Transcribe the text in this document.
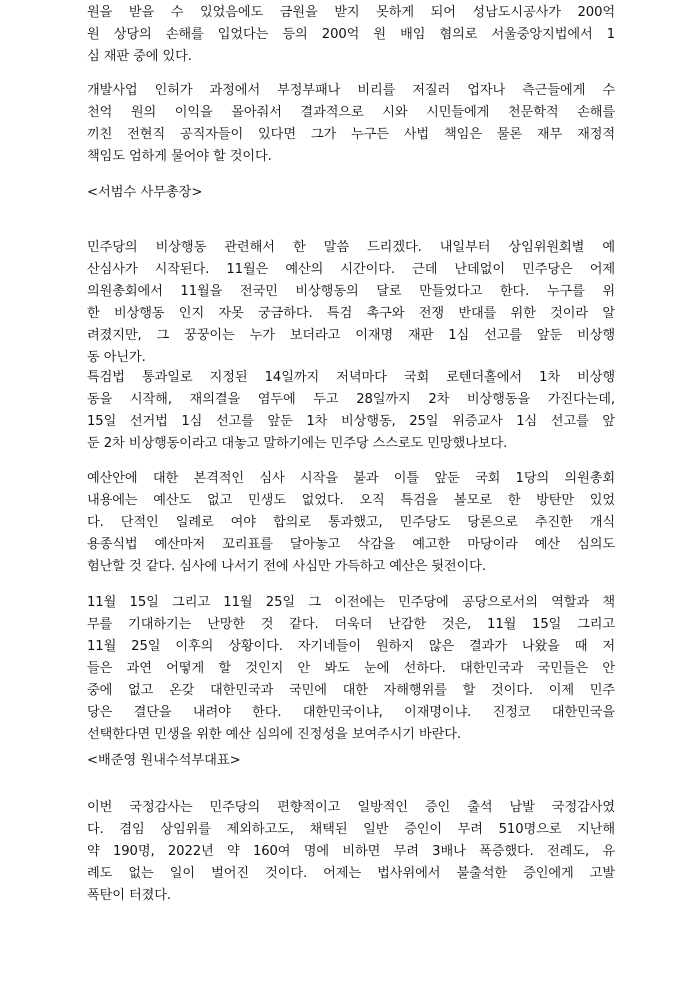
원을 받을 수 있었음에도 금원을 받지 못하게 되어 성남도시공사가 200억
원 상당의 손해를 입었다는 등의 200억 원 배임 혐의로 서울중앙지법에서 1
심 재판 중에 있다.
개발사업 인허가 과정에서 부정부패나 비리를 저질러 업자나 측근들에게 수
천억 원의 이익을 몰아줘서 결과적으로 시와 시민들에게 천문학적 손해를
끼친 전현직 공직자들이 있다면 그가 누구든 사법 책임은 물론 재무 재정적
책임도 엄하게 물어야 할 것이다.
<서범수 사무총장>
민주당의 비상행동 관련해서 한 말씀 드리겠다. 내일부터 상임위원회별 예
산심사가 시작된다. 11월은 예산의 시간이다. 근데 난데없이 민주당은 어제
의원총회에서 11월을 전국민 비상행동의 달로 만들었다고 한다. 누구를 위
한 비상행동 인지 자못 궁금하다. 특검 촉구와 전쟁 반대를 위한 것이라 알
려졌지만, 그 꿍꿍이는 누가 보더라고 이재명 재판 1심 선고를 앞둔 비상행
동 아닌가.
특검법 통과일로 지정된 14일까지 저녁마다 국회 로텐더홀에서 1차 비상행
동을 시작해, 재의결을 염두에 두고 28일까지 2차 비상행동을 가진다는데,
15일 선거법 1심 선고를 앞둔 1차 비상행동, 25일 위증교사 1심 선고를 앞
둔 2차 비상행동이라고 대놓고 말하기에는 민주당 스스로도 민망했나보다.
예산안에 대한 본격적인 심사 시작을 불과 이틀 앞둔 국회 1당의 의원총회
내용에는 예산도 없고 민생도 없었다. 오직 특검을 볼모로 한 방탄만 있었
다. 단적인 일례로 여야 합의로 통과했고, 민주당도 당론으로 추진한 개식
용종식법 예산마저 꼬리표를 달아놓고 삭감을 예고한 마당이라 예산 심의도
험난할 것 같다. 심사에 나서기 전에 사심만 가득하고 예산은 뒷전이다.
11월 15일 그리고 11월 25일 그 이전에는 민주당에 공당으로서의 역할과 책
무를 기대하기는 난망한 것 같다. 더욱더 난감한 것은, 11월 15일 그리고
11월 25일 이후의 상황이다. 자기네들이 원하지 않은 결과가 나왔을 때 저
들은 과연 어떻게 할 것인지 안 봐도 눈에 선하다. 대한민국과 국민들은 안
중에 없고 온갖 대한민국과 국민에 대한 자해행위를 할 것이다. 이제 민주
당은 결단을 내려야 한다. 대한민국이냐, 이재명이냐. 진정코 대한민국을
선택한다면 민생을 위한 예산 심의에 진정성을 보여주시기 바란다.
<배준영 원내수석부대표>
이번 국정감사는 민주당의 편향적이고 일방적인 증인 출석 남발 국정감사였
다. 겸임 상임위를 제외하고도, 채택된 일반 증인이 무려 510명으로 지난해
약 190명, 2022년 약 160여 명에 비하면 무려 3배나 폭증했다. 전례도, 유
례도 없는 일이 벌어진 것이다. 어제는 법사위에서 불출석한 증인에게 고발
폭탄이 터졌다.
